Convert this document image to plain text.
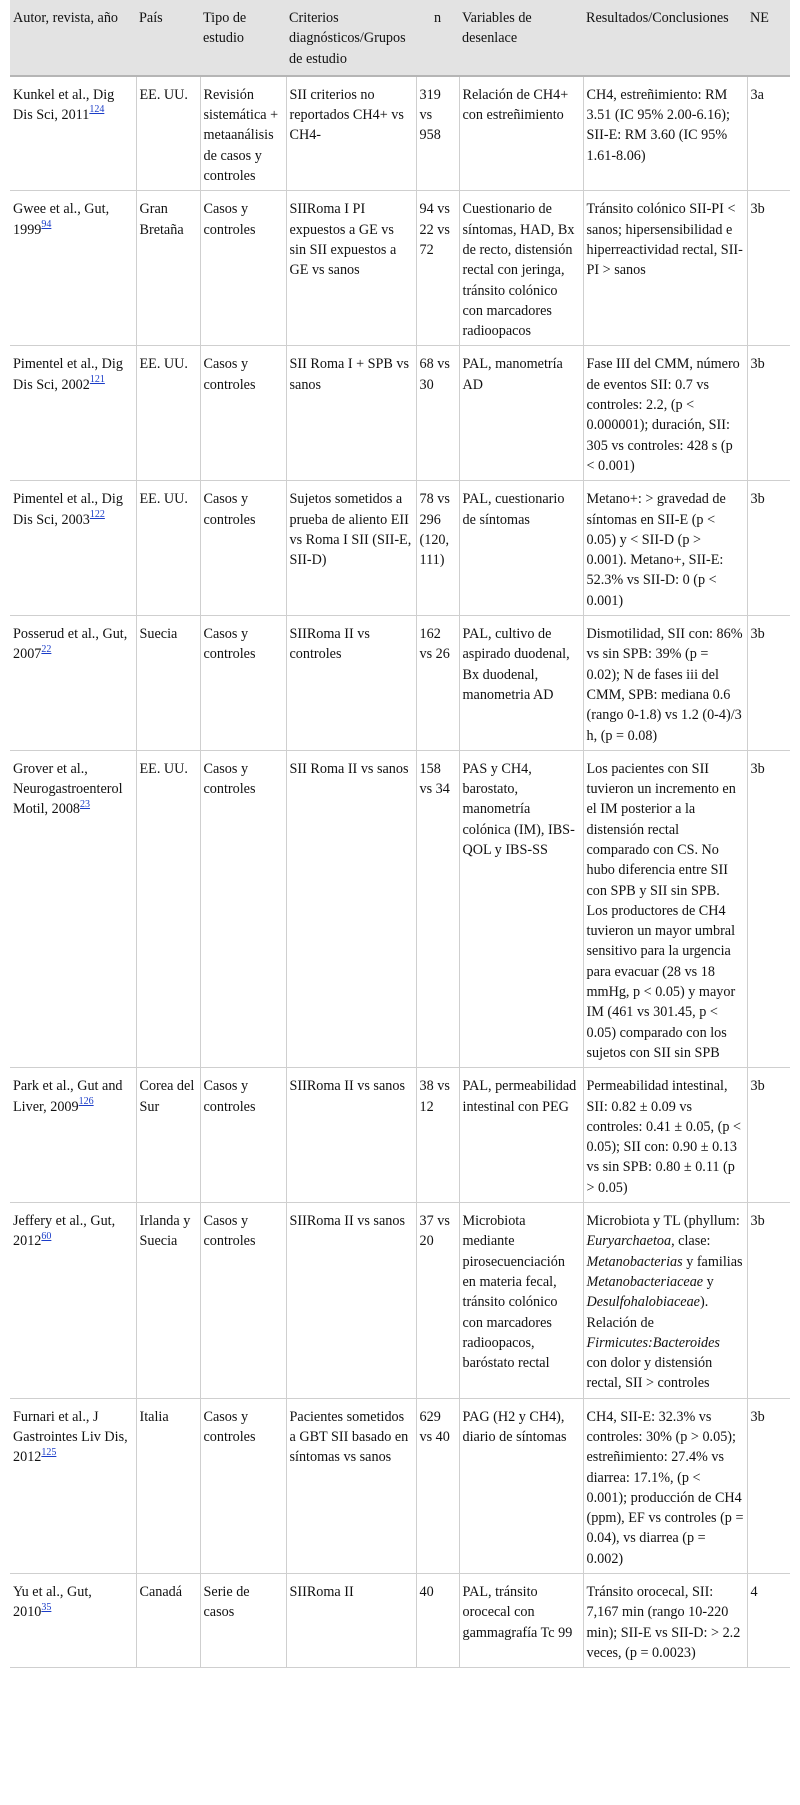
Autor, revista, año	País	Tipo de estudio	Criterios diagnósticos/Grupos de estudio	n	Variables de desenlace	Resultados/Conclusiones	NE
Kunkel et al., Dig Dis Sci, 2011$^{124}$	EE. UU.	Revisión sistemática + metaanálisis de casos y controles	SII criterios no reportados CH4+ vs CH4-	319 vs 958	Relación de CH4+ con estreñimiento	CH4, estreñimiento: RM 3.51 (IC 95% 2.00-6.16); SII-E: RM 3.60 (IC 95% 1.61-8.06)	3a
Gwee et al., Gut, 1999$^{94}$	Gran Bretaña	Casos y controles	SIIRoma I PI expuestos a GE vs sin SII expuestos a GE vs sanos	94 vs 22 vs 72	Cuestionario de síntomas, HAD, Bx de recto, distensión rectal con jeringa, tránsito colónico con marcadores radioopacos	Tránsito colónico SII-PI < sanos; hipersensibilidad e hiperreactividad rectal, SII-PI > sanos	3b
Pimentel et al., Dig Dis Sci, 2002$^{121}$	EE. UU.	Casos y controles	SII Roma I + SPB vs sanos	68 vs 30	PAL, manometría AD	Fase III del CMM, número de eventos SII: 0.7 vs controles: 2.2, (p < 0.000001); duración, SII: 305 vs controles: 428 s (p < 0.001)	3b
Pimentel et al., Dig Dis Sci, 2003$^{122}$	EE. UU.	Casos y controles	Sujetos sometidos a prueba de aliento EII vs Roma I SII (SII-E, SII-D)	78 vs 296 (120, 111)	PAL, cuestionario de síntomas	Metano+: > gravedad de síntomas en SII-E (p < 0.05) y < SII-D (p > 0.001). Metano+, SII-E: 52.3% vs SII-D: 0 (p < 0.001)	3b
Posserud et al., Gut, 2007$^{22}$	Suecia	Casos y controles	SIIRoma II vs controles	162 vs 26	PAL, cultivo de aspirado duodenal, Bx duodenal, manometria AD	Dismotilidad, SII con: 86% vs sin SPB: 39% (p = 0.02); N de fases iii del CMM, SPB: mediana 0.6 (rango 0-1.8) vs 1.2 (0-4)/3 h, (p = 0.08)	3b
Grover et al., Neurogastroenterol Motil, 2008$^{23}$	EE. UU.	Casos y controles	SII Roma II vs sanos	158 vs 34	PAS y CH4, barostato, manometría colónica (IM), IBS-QOL y IBS-SS	Los pacientes con SII tuvieron un incremento en el IM posterior a la distensión rectal comparado con CS. No hubo diferencia entre SII con SPB y SII sin SPB. Los productores de CH4 tuvieron un mayor umbral sensitivo para la urgencia para evacuar (28 vs 18 mmHg, p < 0.05) y mayor IM (461 vs 301.45, p < 0.05) comparado con los sujetos con SII sin SPB	3b
Park et al., Gut and Liver, 2009$^{126}$	Corea del Sur	Casos y controles	SIIRoma II vs sanos	38 vs 12	PAL, permeabilidad intestinal con PEG	Permeabilidad intestinal, SII: 0.82 ± 0.09 vs controles: 0.41 ± 0.05, (p < 0.05); SII con: 0.90 ± 0.13 vs sin SPB: 0.80 ± 0.11 (p > 0.05)	3b
Jeffery et al., Gut, 2012$^{60}$	Irlanda y Suecia	Casos y controles	SIIRoma II vs sanos	37 vs 20	Microbiota mediante pirosecuenciación en materia fecal, tránsito colónico con marcadores radioopacos, baróstato rectal	Microbiota y TL (phyllum: Euryarchaetoa, clase: Metanobacterias y familias Metanobacteriaceae y Desulfohalobiaceae). Relación de Firmicutes:Bacteroides con dolor y distensión rectal, SII > controles	3b
Furnari et al., J Gastrointes Liv Dis, 2012$^{125}$	Italia	Casos y controles	Pacientes sometidos a GBT SII basado en síntomas vs sanos	629 vs 40	PAG (H2 y CH4), diario de síntomas	CH4, SII-E: 32.3% vs controles: 30% (p > 0.05); estreñimiento: 27.4% vs diarrea: 17.1%, (p < 0.001); producción de CH4 (ppm), EF vs controles (p = 0.04), vs diarrea (p = 0.002)	3b
Yu et al., Gut, 2010$^{35}$	Canadá	Serie de casos	SIIRoma II	40	PAL, tránsito orocecal con gammagrafía Tc 99	Tránsito orocecal, SII: 7,167 min (rango 10-220 min); SII-E vs SII-D: > 2.2 veces, (p = 0.0023)	4
